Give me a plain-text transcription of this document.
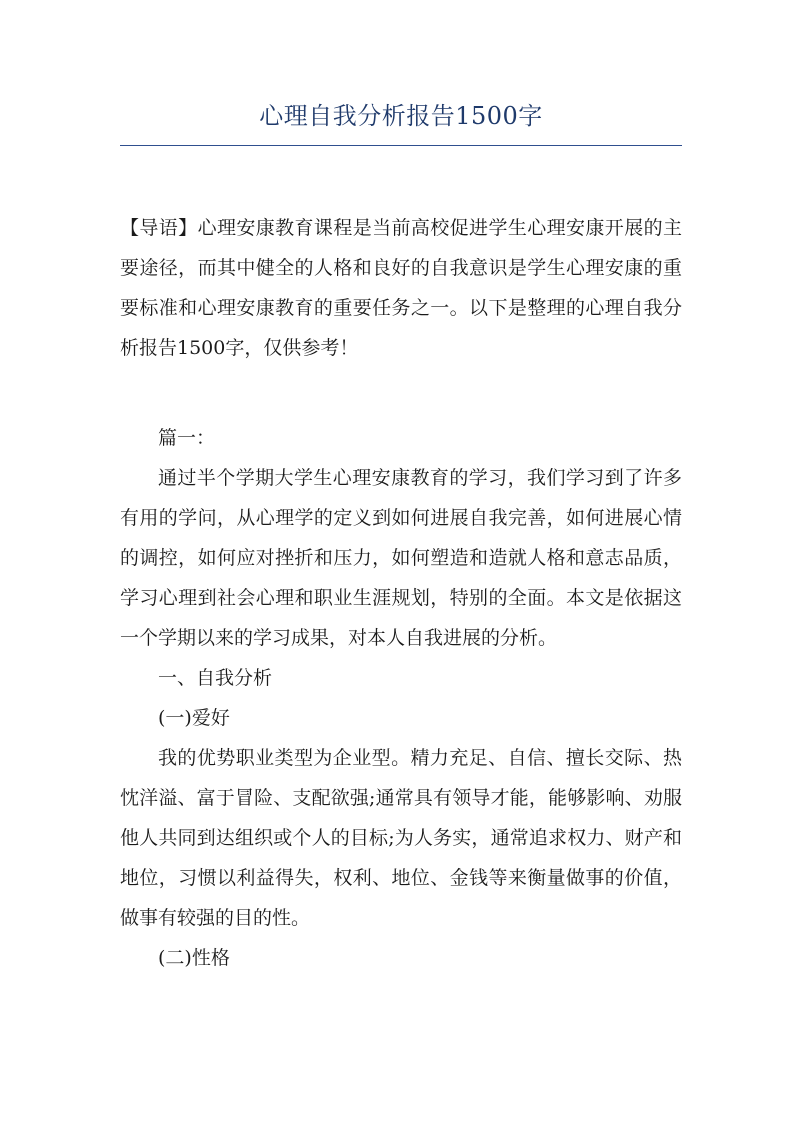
心理自我分析报告1500字

【导语】心理安康教育课程是当前高校促进学生心理安康开展的主要途径，而其中健全的人格和良好的自我意识是学生心理安康的重要标准和心理安康教育的重要任务之一。以下是整理的心理自我分析报告1500字，仅供参考！

篇一：

通过半个学期大学生心理安康教育的学习，我们学习到了许多有用的学问，从心理学的定义到如何进展自我完善，如何进展心情的调控，如何应对挫折和压力，如何塑造和造就人格和意志品质，学习心理到社会心理和职业生涯规划，特别的全面。本文是依据这一个学期以来的学习成果，对本人自我进展的分析。

一、自我分析

(一)爱好

我的优势职业类型为企业型。精力充足、自信、擅长交际、热忱洋溢、富于冒险、支配欲强;通常具有领导才能，能够影响、劝服他人共同到达组织或个人的目标;为人务实，通常追求权力、财产和地位，习惯以利益得失，权利、地位、金钱等来衡量做事的价值，做事有较强的目的性。

(二)性格
